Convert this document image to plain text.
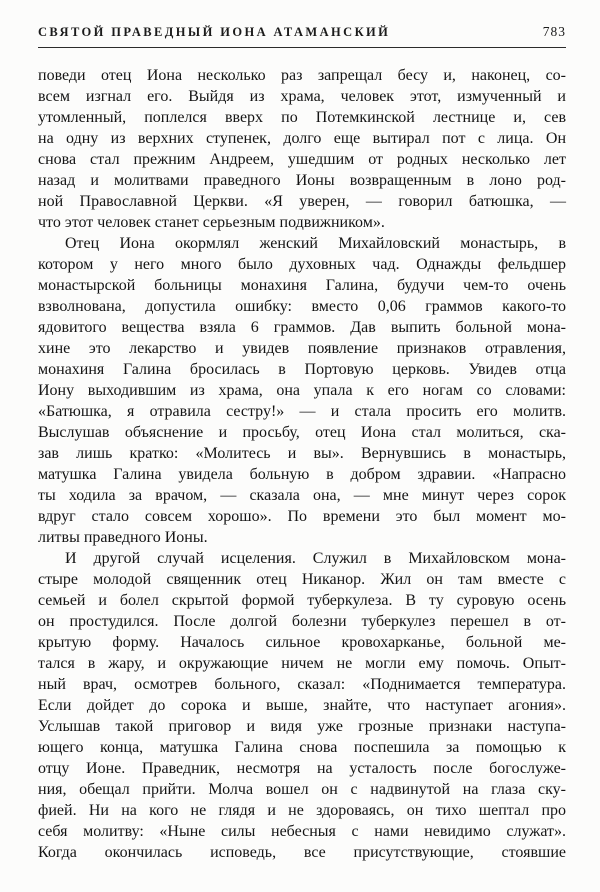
СВЯТОЙ ПРАВЕДНЫЙ ИОНА АТАМАНСКИЙ	783
поведи отец Иона несколько раз запрещал бесу и, наконец, со-
всем изгнал его. Выйдя из храма, человек этот, измученный и
утомленный, поплелся вверх по Потемкинской лестнице и, сев
на одну из верхних ступенек, долго еще вытирал пот с лица. Он
снова стал прежним Андреем, ушедшим от родных несколько лет
назад и молитвами праведного Ионы возвращенным в лоно род-
ной Православной Церкви. «Я уверен, — говорил батюшка, —
что этот человек станет серьезным подвижником».
Отец Иона окормлял женский Михайловский монастырь, в
котором у него много было духовных чад. Однажды фельдшер
монастырской больницы монахиня Галина, будучи чем-то очень
взволнована, допустила ошибку: вместо 0,06 граммов какого-то
ядовитого вещества взяла 6 граммов. Дав выпить больной мона-
хине это лекарство и увидев появление признаков отравления,
монахиня Галина бросилась в Портовую церковь. Увидев отца
Иону выходившим из храма, она упала к его ногам со словами:
«Батюшка, я отравила сестру!» — и стала просить его молитв.
Выслушав объяснение и просьбу, отец Иона стал молиться, ска-
зав лишь кратко: «Молитесь и вы». Вернувшись в монастырь,
матушка Галина увидела больную в добром здравии. «Напрасно
ты ходила за врачом, — сказала она, — мне минут через сорок
вдруг стало совсем хорошо». По времени это был момент мо-
литвы праведного Ионы.
И другой случай исцеления. Служил в Михайловском мона-
стыре молодой священник отец Никанор. Жил он там вместе с
семьей и болел скрытой формой туберкулеза. В ту суровую осень
он простудился. После долгой болезни туберкулез перешел в от-
крытую форму. Началось сильное кровохарканье, больной ме-
тался в жару, и окружающие ничем не могли ему помочь. Опыт-
ный врач, осмотрев больного, сказал: «Поднимается температура.
Если дойдет до сорока и выше, знайте, что наступает агония».
Услышав такой приговор и видя уже грозные признаки наступа-
ющего конца, матушка Галина снова поспешила за помощью к
отцу Ионе. Праведник, несмотря на усталость после богослуже-
ния, обещал прийти. Молча вошел он с надвинутой на глаза ску-
фией. Ни на кого не глядя и не здороваясь, он тихо шептал про
себя молитву: «Ныне силы небесныя с нами невидимо служат».
Когда окончилась исповедь, все присутствующие, стоявшие
